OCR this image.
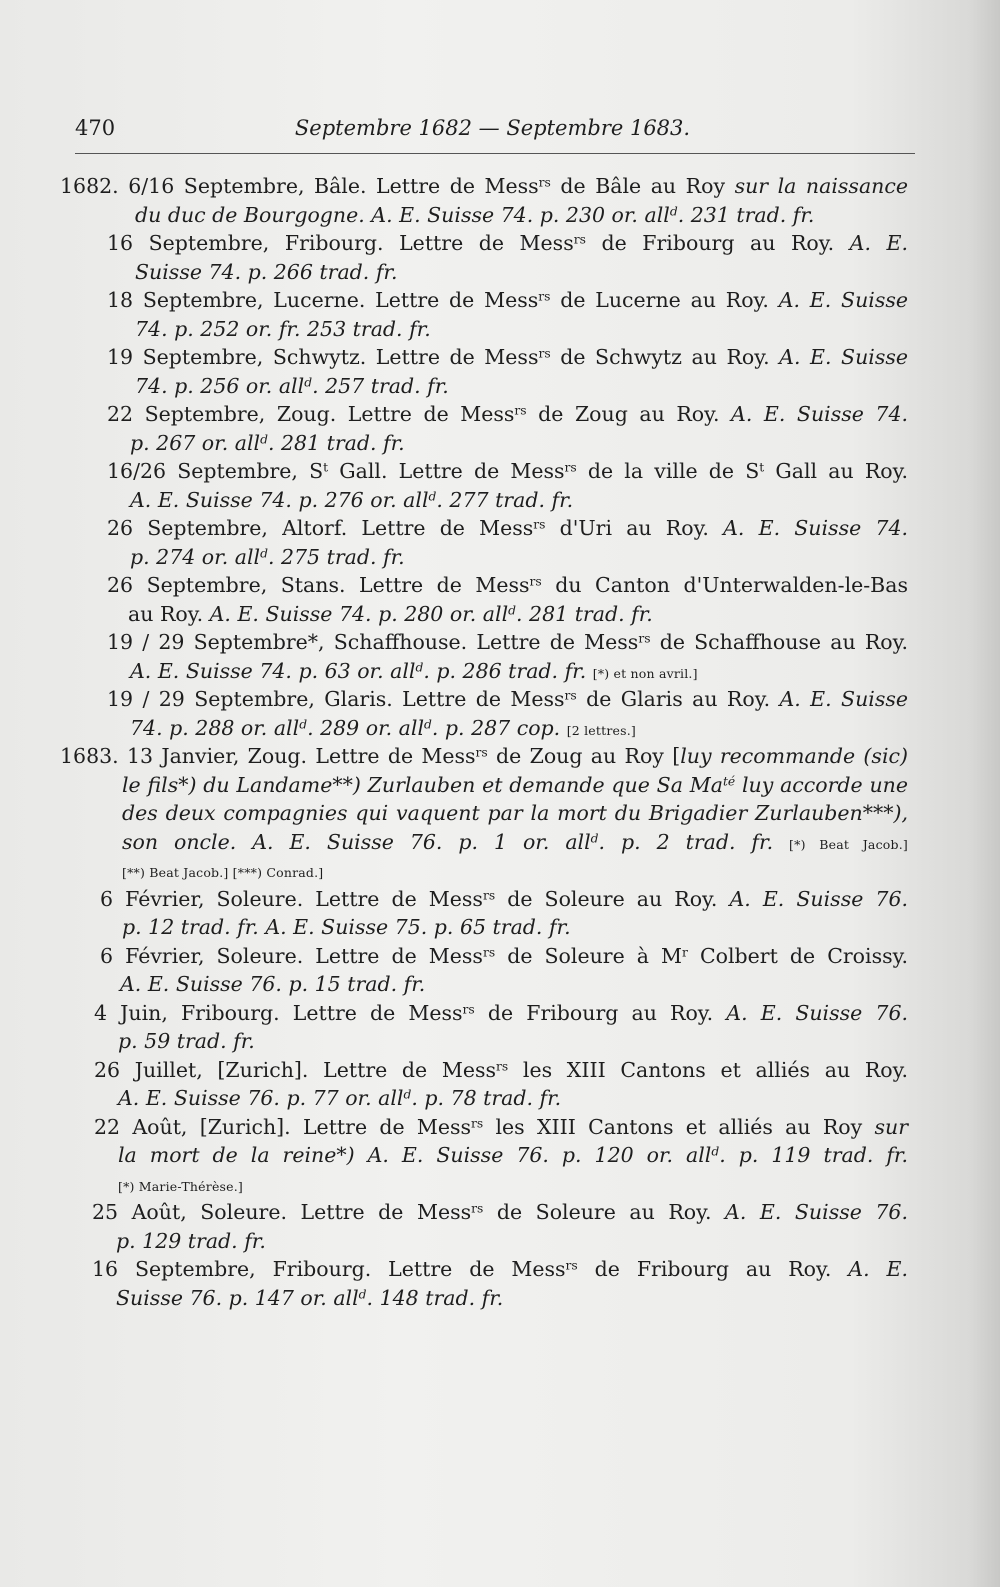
470	Septembre 1682 — Septembre 1683.
1682. 6/16 Septembre, Bâle. Lettre de Mess$^{rs}$ de Bâle au Roy sur la naissance
du duc de Bourgogne. A. E. Suisse 74. p. 230 or. all$^d$. 231 trad. fr.
16 Septembre, Fribourg. Lettre de Mess$^{rs}$ de Fribourg au Roy. A. E.
Suisse 74. p. 266 trad. fr.
18 Septembre, Lucerne. Lettre de Mess$^{rs}$ de Lucerne au Roy. A. E. Suisse
74. p. 252 or. fr. 253 trad. fr.
19 Septembre, Schwytz. Lettre de Mess$^{rs}$ de Schwytz au Roy. A. E. Suisse
74. p. 256 or. all$^d$. 257 trad. fr.
22 Septembre, Zoug. Lettre de Mess$^{rs}$ de Zoug au Roy. A. E. Suisse 74.
p. 267 or. all$^d$. 281 trad. fr.
16/26 Septembre, $S^t$ Gall. Lettre de Mess$^{rs}$ de la ville de $S^t$ Gall au Roy.
A. E. Suisse 74. p. 276 or. all$^d$. 277 trad. fr.
26 Septembre, Altorf. Lettre de Mess$^{rs}$ d'Uri au Roy. A. E. Suisse 74.
p. 274 or. all$^d$. 275 trad. fr.
26 Septembre, Stans. Lettre de Mess$^{rs}$ du Canton d'Unterwalden-le-Bas
au Roy. A. E. Suisse 74. p. 280 or. all$^d$. 281 trad. fr.
19 / 29 Septembre*, Schaffhouse. Lettre de Mess$^{rs}$ de Schaffhouse au Roy.
A. E. Suisse 74. p. 63 or. all$^d$. p. 286 trad. fr. [*) et non avril.]
19 / 29 Septembre, Glaris. Lettre de Mess$^{rs}$ de Glaris au Roy. A. E. Suisse
74. p. 288 or. all$^d$. 289 or. all$^d$. p. 287 cop. [2 lettres.]
1683. 13 Janvier, Zoug. Lettre de Mess$^{rs}$ de Zoug au Roy [luy recommande (sic)
le fils*) du Landame**) Zurlauben et demande que Sa $Ma^{té}$ luy accorde une
des deux compagnies qui vaquent par la mort du Brigadier Zurlauben***),
son oncle. A. E. Suisse 76. p. 1 or. all$^d$. p. 2 trad. fr. [*) Beat Jacob.]
[**) Beat Jacob.] [***) Conrad.]
6 Février, Soleure. Lettre de Mess$^{rs}$ de Soleure au Roy. A. E. Suisse 76.
p. 12 trad. fr. A. E. Suisse 75. p. 65 trad. fr.
6 Février, Soleure. Lettre de Mess$^{rs}$ de Soleure à $M^r$ Colbert de Croissy.
A. E. Suisse 76. p. 15 trad. fr.
4 Juin, Fribourg. Lettre de Mess$^{rs}$ de Fribourg au Roy. A. E. Suisse 76.
p. 59 trad. fr.
26 Juillet, [Zurich]. Lettre de Mess$^{rs}$ les XIII Cantons et alliés au Roy.
A. E. Suisse 76. p. 77 or. all$^d$. p. 78 trad. fr.
22 Août, [Zurich]. Lettre de Mess$^{rs}$ les XIII Cantons et alliés au Roy sur
la mort de la reine*) A. E. Suisse 76. p. 120 or. all$^d$. p. 119 trad. fr.
[*) Marie-Thérèse.]
25 Août, Soleure. Lettre de Mess$^{rs}$ de Soleure au Roy. A. E. Suisse 76.
p. 129 trad. fr.
16 Septembre, Fribourg. Lettre de Mess$^{rs}$ de Fribourg au Roy. A. E.
Suisse 76. p. 147 or. all$^d$. 148 trad. fr.
